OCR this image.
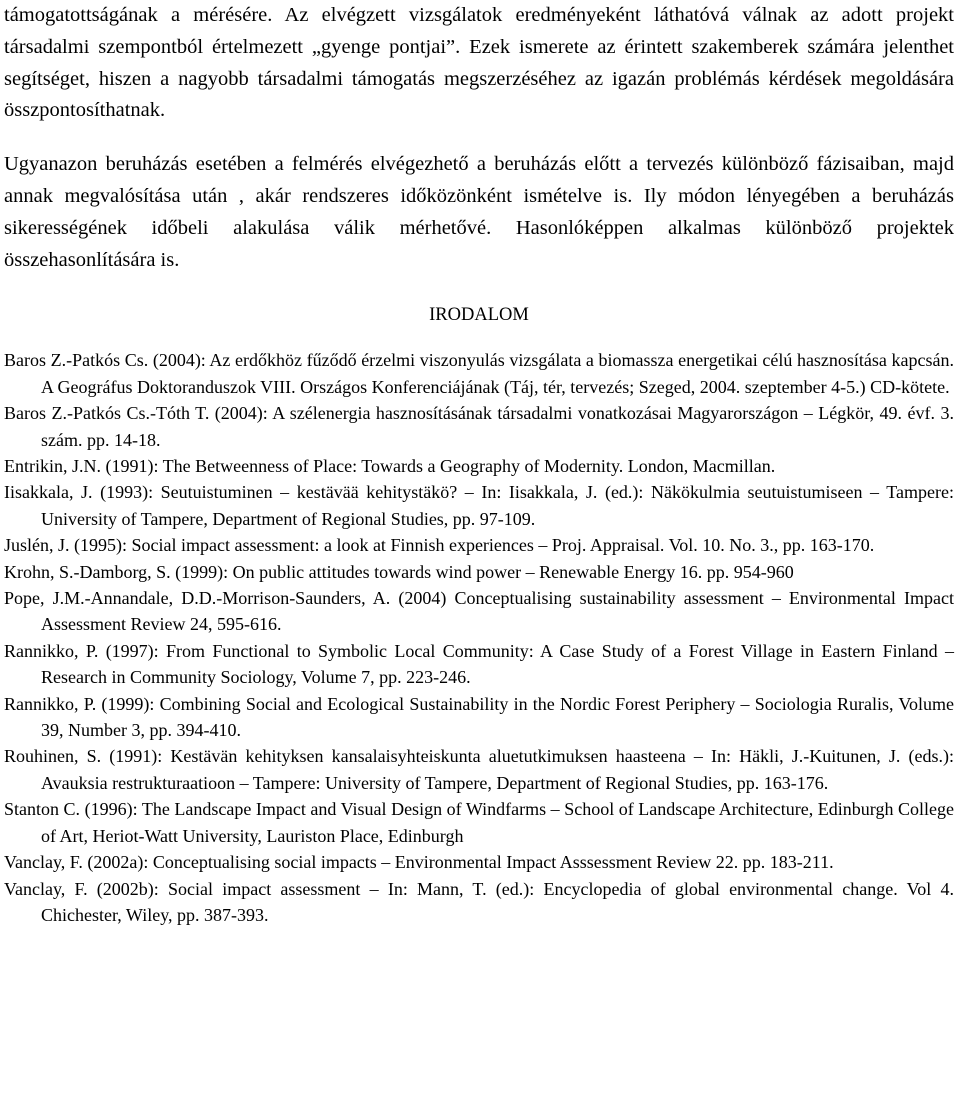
támogatottságának a mérésére. Az elvégzett vizsgálatok eredményeként láthatóvá válnak az adott projekt társadalmi szempontból értelmezett „gyenge pontjai”. Ezek ismerete az érintett szakemberek számára jelenthet segítséget, hiszen a nagyobb társadalmi támogatás megszerzéséhez az igazán problémás kérdések megoldására összpontosíthatnak.

Ugyanazon beruházás esetében a felmérés elvégezhető a beruházás előtt a tervezés különböző fázisaiban, majd annak megvalósítása után , akár rendszeres időközönként ismételve is. Ily módon lényegében a beruházás sikerességének időbeli alakulása válik mérhetővé. Hasonlóképpen alkalmas különböző projektek összehasonlítására is.

IRODALOM
Baros Z.-Patkós Cs. (2004): Az erdőkhöz fűződő érzelmi viszonyulás vizsgálata a biomassza energetikai célú hasznosítása kapcsán. A Geográfus Doktoranduszok VIII. Országos Konferenciájának (Táj, tér, tervezés; Szeged, 2004. szeptember 4-5.) CD-kötete.
Baros Z.-Patkós Cs.-Tóth T. (2004): A szélenergia hasznosításának társadalmi vonatkozásai Magyarországon – Légkör, 49. évf. 3. szám. pp. 14-18.
Entrikin, J.N. (1991): The Betweenness of Place: Towards a Geography of Modernity. London, Macmillan.
Iisakkala, J. (1993): Seutuistuminen – kestävää kehitystäkö? – In: Iisakkala, J. (ed.): Näkökulmia seutuistumiseen – Tampere: University of Tampere, Department of Regional Studies, pp. 97-109.
Juslén, J. (1995): Social impact assessment: a look at Finnish experiences – Proj. Appraisal. Vol. 10. No. 3., pp. 163-170.
Krohn, S.-Damborg, S. (1999): On public attitudes towards wind power – Renewable Energy 16. pp. 954-960
Pope, J.M.-Annandale, D.D.-Morrison-Saunders, A. (2004) Conceptualising sustainability assessment – Environmental Impact Assessment Review 24, 595-616.
Rannikko, P. (1997): From Functional to Symbolic Local Community: A Case Study of a Forest Village in Eastern Finland – Research in Community Sociology, Volume 7, pp. 223-246.
Rannikko, P. (1999): Combining Social and Ecological Sustainability in the Nordic Forest Periphery – Sociologia Ruralis, Volume 39, Number 3, pp. 394-410.
Rouhinen, S. (1991): Kestävän kehityksen kansalaisyhteiskunta aluetutkimuksen haasteena – In: Häkli, J.-Kuitunen, J. (eds.): Avauksia restrukturaatioon – Tampere: University of Tampere, Department of Regional Studies, pp. 163-176.
Stanton C. (1996): The Landscape Impact and Visual Design of Windfarms – School of Landscape Architecture, Edinburgh College of Art, Heriot-Watt University, Lauriston Place, Edinburgh
Vanclay, F. (2002a): Conceptualising social impacts – Environmental Impact Asssessment Review 22. pp. 183-211.
Vanclay, F. (2002b): Social impact assessment – In: Mann, T. (ed.): Encyclopedia of global environmental change. Vol 4. Chichester, Wiley, pp. 387-393.
